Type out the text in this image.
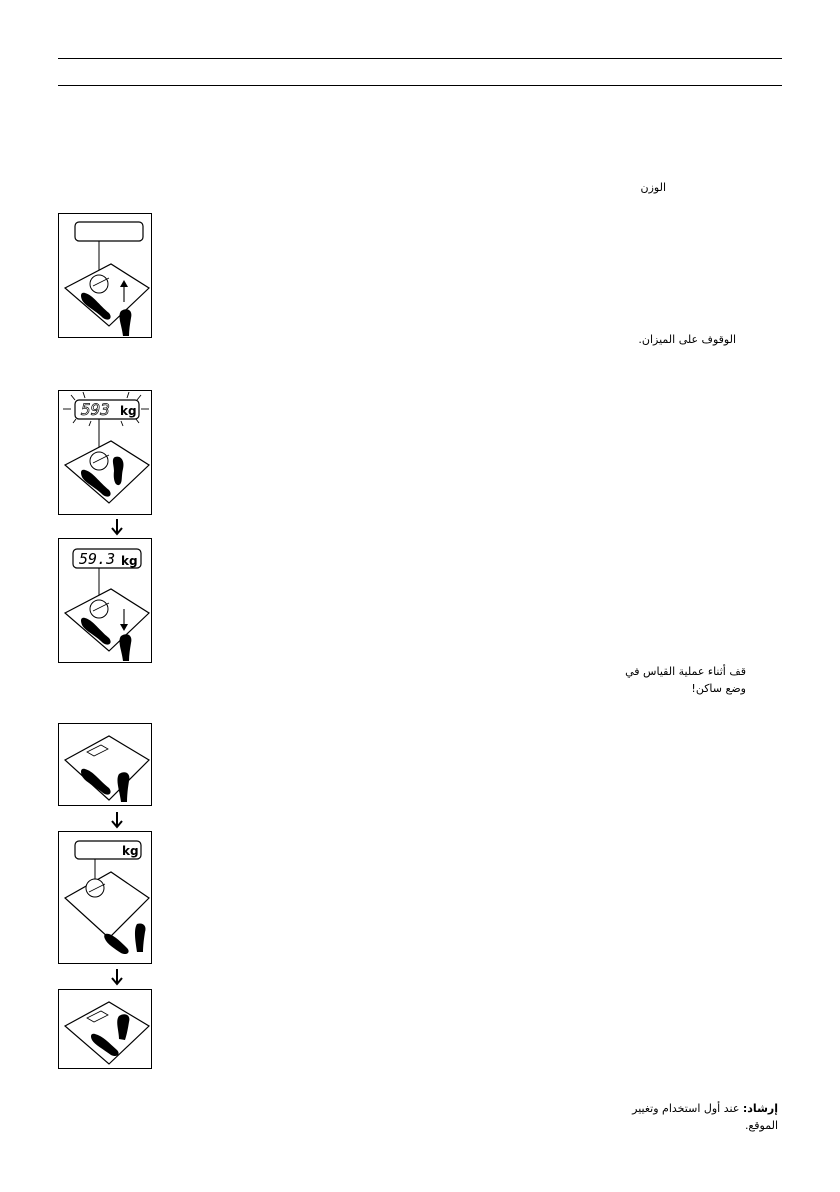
الوزن
الوقوف على الميزان.
قف أثناء عملية القياس في
وضع ساكن!
إرشاد: عند أول استخدام وتغيير
الموقع.
593 kg
59.3 kg
kg
